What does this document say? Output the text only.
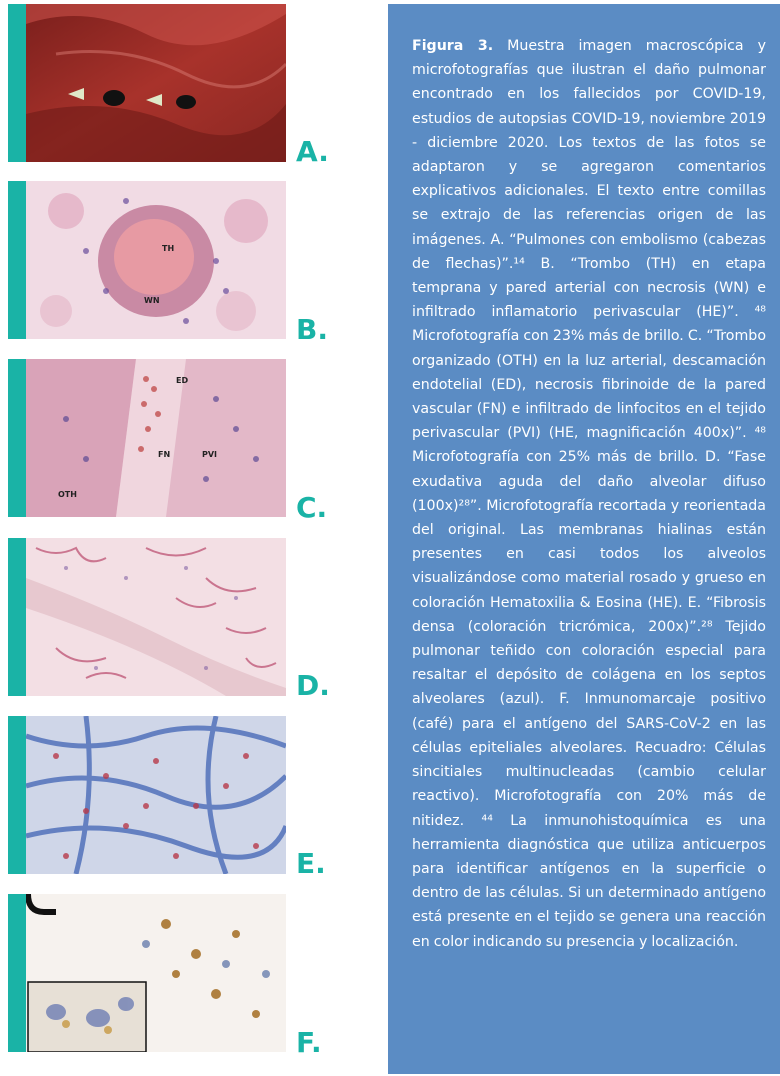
A.
TH
WN
B.
ED
FN	PVI
OTH	C.
D.
E.
F.

Figura 3. Muestra imagen macroscópica y microfotografías que ilustran el daño pulmonar encontrado en los fallecidos por COVID-19, estudios de autopsias COVID-19, noviembre 2019 - diciembre 2020. Los textos de las fotos se adaptaron y se agregaron comentarios explicativos adicionales. El texto entre comillas se extrajo de las referencias origen de las imágenes. A. “Pulmones con embolismo (cabezas de flechas)”.¹⁴ B. “Trombo (TH) en etapa temprana y pared arterial con necrosis (WN) e infiltrado inflamatorio perivascular (HE)”. ⁴⁸ Microfotografía con 23% más de brillo. C. “Trombo organizado (OTH) en la luz arterial, descamación endotelial (ED), necrosis fibrinoide de la pared vascular (FN) e infiltrado de linfocitos en el tejido perivascular (PVI) (HE, magnificación 400x)”. ⁴⁸ Microfotografía con 25% más de brillo. D. “Fase exudativa aguda del daño alveolar difuso (100x)²⁸”. Microfotografía recortada y reorientada del original. Las membranas hialinas están presentes en casi todos los alveolos visualizándose como material rosado y grueso en coloración Hematoxilia & Eosina (HE). E. “Fibrosis densa (coloración tricrómica, 200x)”.²⁸ Tejido pulmonar teñido con coloración especial para resaltar el depósito de colágena en los septos alveolares (azul). F. Inmunomarcaje positivo (café) para el antígeno del SARS-CoV-2 en las células epiteliales alveolares. Recuadro: Células sincitiales multinucleadas (cambio celular reactivo). Microfotografía con 20% más de nitidez. ⁴⁴ La inmunohistoquímica es una herramienta diagnóstica que utiliza anticuerpos para identificar antígenos en la superficie o dentro de las células. Si un determinado antígeno está presente en el tejido se genera una reacción en color indicando su presencia y localización.
